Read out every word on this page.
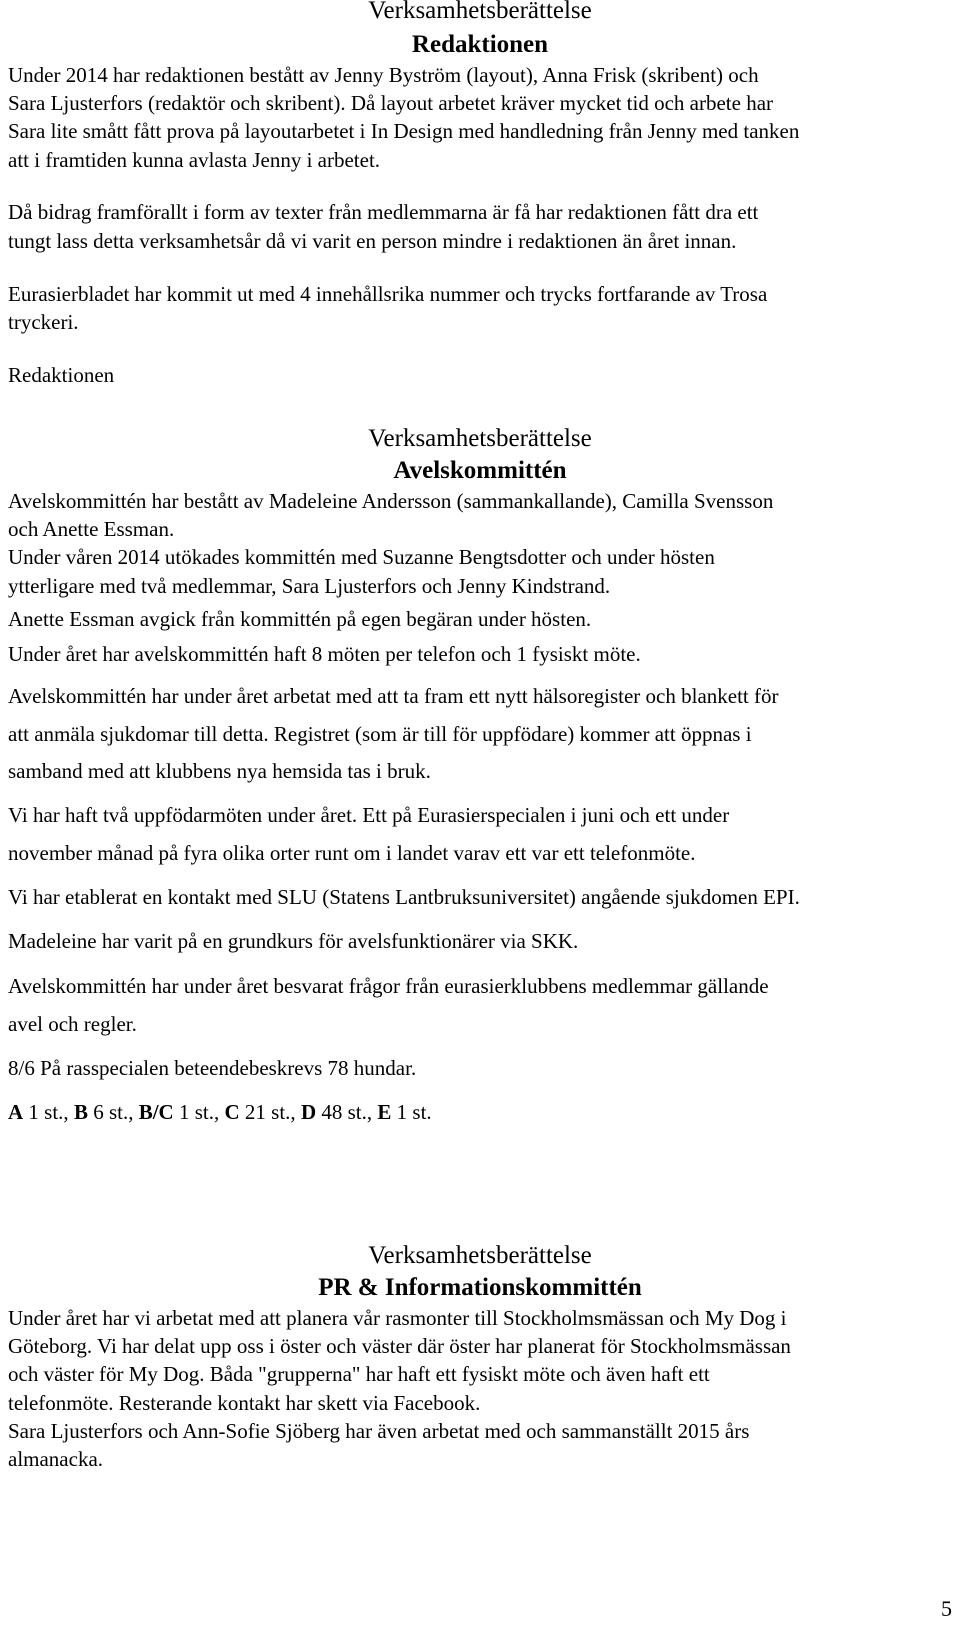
Verksamhetsberättelse
Redaktionen

Under 2014 har redaktionen bestått av Jenny Byström (layout), Anna Frisk (skribent) och

Sara Ljusterfors (redaktör och skribent). Då layout arbetet kräver mycket tid och arbete har

Sara lite smått fått prova på layoutarbetet i In Design med handledning från Jenny med tanken

att i framtiden kunna avlasta Jenny i arbetet.

Då bidrag framförallt i form av texter från medlemmarna är få har redaktionen fått dra ett

tungt lass detta verksamhetsår då vi varit en person mindre i redaktionen än året innan.

Eurasierbladet har kommit ut med 4 innehållsrika nummer och trycks fortfarande av Trosa

tryckeri.

Redaktionen

Verksamhetsberättelse
Avelskommittén

Avelskommittén har bestått av Madeleine Andersson (sammankallande), Camilla Svensson

och Anette Essman.

Under våren 2014 utökades kommittén med Suzanne Bengtsdotter och under hösten

ytterligare med två medlemmar, Sara Ljusterfors och Jenny Kindstrand.

Anette Essman avgick från kommittén på egen begäran under hösten.

Under året har avelskommittén haft 8 möten per telefon och 1 fysiskt möte.

Avelskommittén har under året arbetat med att ta fram ett nytt hälsoregister och blankett för

att anmäla sjukdomar till detta. Registret (som är till för uppfödare) kommer att öppnas i

samband med att klubbens nya hemsida tas i bruk.

Vi har haft två uppfödarmöten under året. Ett på Eurasierspecialen i juni och ett under

november månad på fyra olika orter runt om i landet varav ett var ett telefonmöte.

Vi har etablerat en kontakt med SLU (Statens Lantbruksuniversitet) angående sjukdomen EPI.

Madeleine har varit på en grundkurs för avelsfunktionärer via SKK.

Avelskommittén har under året besvarat frågor från eurasierklubbens medlemmar gällande

avel och regler.

8/6 På rasspecialen beteendebeskrevs 78 hundar.

A 1 st., B 6 st., B/C 1 st., C 21 st., D 48 st., E 1 st.

Verksamhetsberättelse
PR & Informationskommittén

Under året har vi arbetat med att planera vår rasmonter till Stockholmsmässan och My Dog i

Göteborg. Vi har delat upp oss i öster och väster där öster har planerat för Stockholmsmässan

och väster för My Dog. Båda "grupperna" har haft ett fysiskt möte och även haft ett

telefonmöte. Resterande kontakt har skett via Facebook.

Sara Ljusterfors och Ann-Sofie Sjöberg har även arbetat med och sammanställt 2015 års

almanacka.

5
